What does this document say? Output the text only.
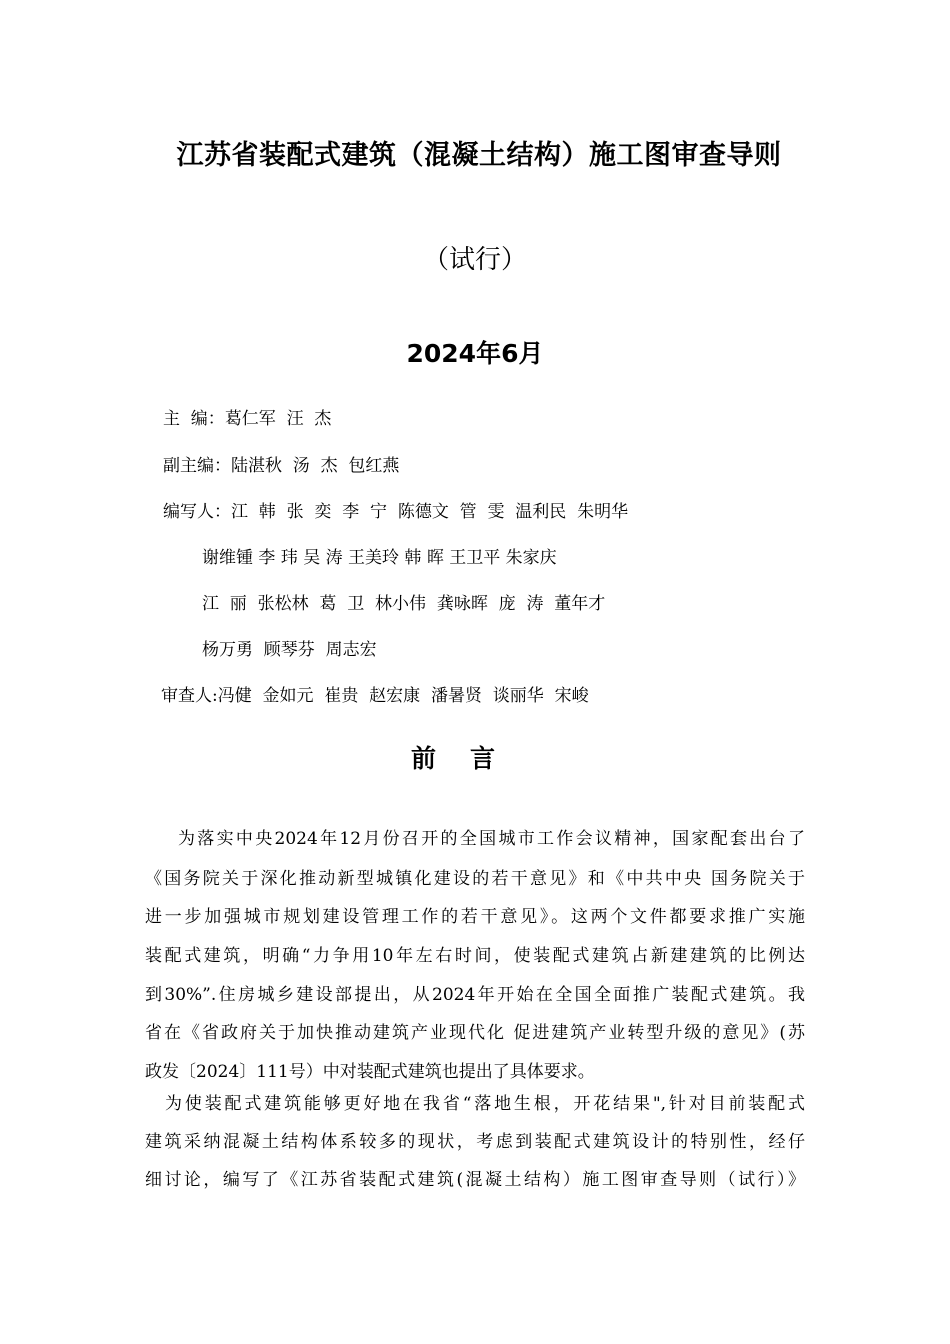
江苏省装配式建筑（混凝土结构）施工图审查导则
（试行）
2024年6月
主  编：葛仁军  汪  杰
副主编：陆湛秋  汤  杰  包红燕
编写人：江  韩  张  奕  李  宁  陈德文  管  雯  温利民  朱明华
谢维锺 李 玮 吴 涛 王美玲 韩 晖 王卫平 朱家庆
江  丽  张松林  葛  卫  林小伟  龚咏晖  庞  涛  董年才
杨万勇  顾琴芬  周志宏
审查人:冯健  金如元  崔贵  赵宏康  潘暑贤  谈丽华  宋峻
前 言
为落实中央2024年12月份召开的全国城市工作会议精神，国家配套出台了
《国务院关于深化推动新型城镇化建设的若干意见》和《中共中央 国务院关于
进一步加强城市规划建设管理工作的若干意见》。这两个文件都要求推广实施
装配式建筑，明确“力争用10年左右时间，使装配式建筑占新建建筑的比例达
到30%”.住房城乡建设部提出，从2024年开始在全国全面推广装配式建筑。我
省在《省政府关于加快推动建筑产业现代化 促进建筑产业转型升级的意见》(苏
政发〔2024〕111号）中对装配式建筑也提出了具体要求。
为使装配式建筑能够更好地在我省“落地生根，开花结果",针对目前装配式
建筑采纳混凝土结构体系较多的现状，考虑到装配式建筑设计的特别性，经仔
细讨论，编写了《江苏省装配式建筑(混凝土结构）施工图审查导则（试行）》
